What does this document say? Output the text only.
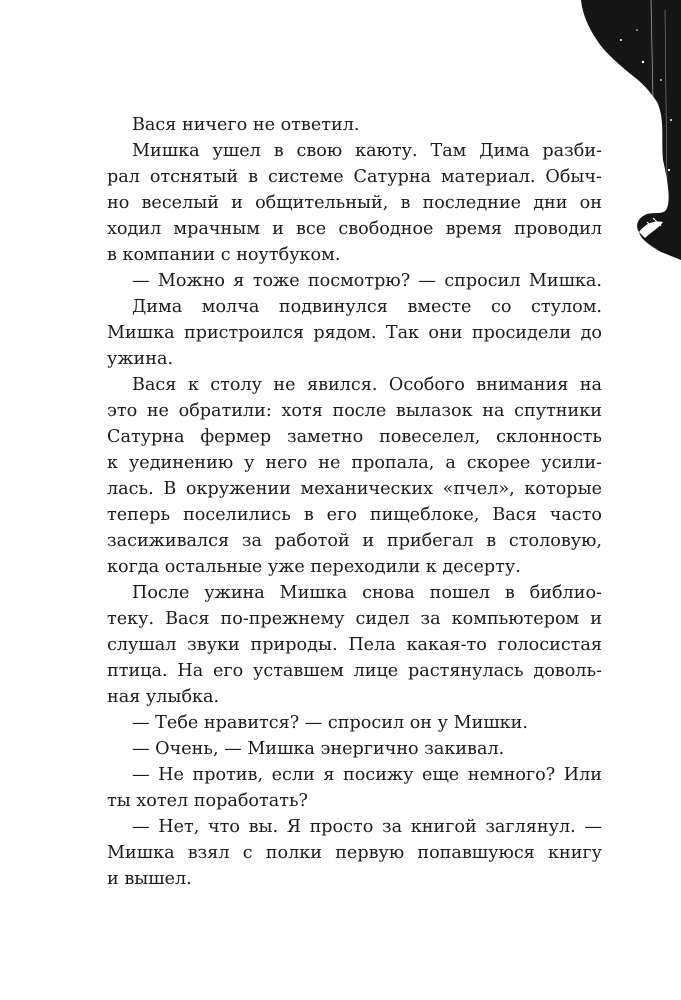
Вася ничего не ответил.
Мишка ушел в свою каюту. Там Дима разби-
рал отснятый в системе Сатурна материал. Обыч-
но веселый и общительный, в последние дни он
ходил мрачным и все свободное время проводил
в компании с ноутбуком.
— Можно я тоже посмотрю? — спросил Мишка.
Дима молча подвинулся вместе со стулом.
Мишка пристроился рядом. Так они просидели до
ужина.
Вася к столу не явился. Особого внимания на
это не обратили: хотя после вылазок на спутники
Сатурна фермер заметно повеселел, склонность
к уединению у него не пропала, а скорее усили-
лась. В окружении механических «пчел», которые
теперь поселились в его пищеблоке, Вася часто
засиживался за работой и прибегал в столовую,
когда остальные уже переходили к десерту.
После ужина Мишка снова пошел в библио-
теку. Вася по-прежнему сидел за компьютером и
слушал звуки природы. Пела какая-то голосистая
птица. На его уставшем лице растянулась доволь-
ная улыбка.
— Тебе нравится? — спросил он у Мишки.
— Очень, — Мишка энергично закивал.
— Не против, если я посижу еще немного? Или
ты хотел поработать?
— Нет, что вы. Я просто за книгой заглянул. —
Мишка взял с полки первую попавшуюся книгу
и вышел.
